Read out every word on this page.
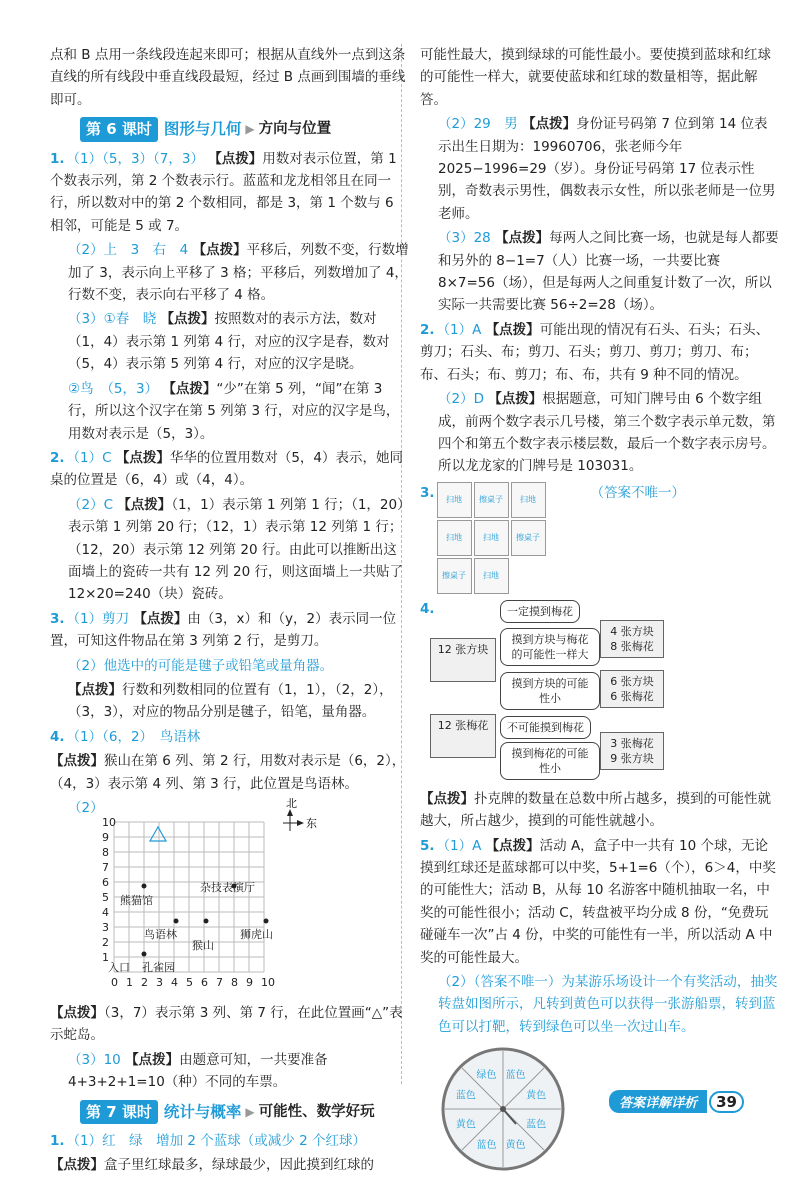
点和 B 点用一条线段连起来即可；根据从直线外一点到这条直线的所有线段中垂直线段最短，经过 B 点画到围墙的垂线即可。

第 6 课时 图形与几何 ▶ 方向与位置

1. （1）（5，3）（7，3） 【点拨】用数对表示位置，第 1 个数表示列，第 2 个数表示行。蓝蓝和龙龙相邻且在同一行，所以数对中的第 2 个数相同，都是 3，第 1 个数与 6 相邻，可能是 5 或 7。

（2）上　3　右　4 【点拨】平移后，列数不变，行数增加了 3，表示向上平移了 3 格；平移后，列数增加了 4，行数不变，表示向右平移了 4 格。

（3）①春　晓 【点拨】按照数对的表示方法，数对（1，4）表示第 1 列第 4 行，对应的汉字是春，数对（5，4）表示第 5 列第 4 行，对应的汉字是晓。

②鸟　（5，3） 【点拨】“少”在第 5 列，“闻”在第 3 行，所以这个汉字在第 5 列第 3 行，对应的汉字是鸟，用数对表示是（5，3）。

2. （1）C 【点拨】华华的位置用数对（5，4）表示，她同桌的位置是（6，4）或（4，4）。

（2）C 【点拨】（1，1）表示第 1 列第 1 行；（1，20）表示第 1 列第 20 行；（12，1）表示第 12 列第 1 行；（12，20）表示第 12 列第 20 行。由此可以推断出这面墙上的瓷砖一共有 12 列 20 行，则这面墙上一共贴了 12×20=240（块）瓷砖。

3. （1）剪刀 【点拨】由（3，x）和（y，2）表示同一位置，可知这件物品在第 3 列第 2 行，是剪刀。

（2）他选中的可能是毽子或铅笔或量角器。

【点拨】行数和列数相同的位置有（1，1），（2，2），（3，3），对应的物品分别是毽子，铅笔，量角器。

4. （1）（6，2）　鸟语林

【点拨】猴山在第 6 列、第 2 行，用数对表示是（6，2），（4，3）表示第 4 列、第 3 行，此位置是鸟语林。

（2）
0 1
1
2
2
3
3
4
4
5
5
6
6
7
7
8
8
9
9
10
10
熊猫馆
杂技表演厅
鸟语林	狮虎山
猴山
入口 孔雀园
北
东

【点拨】（3，7）表示第 3 列、第 7 行，在此位置画“△”表示蛇岛。

（3）10 【点拨】由题意可知，一共要准备 4+3+2+1=10（种）不同的车票。

第 7 课时 统计与概率 ▶ 可能性、数学好玩

1. （1）红　绿　增加 2 个蓝球（或减少 2 个红球）

【点拨】盒子里红球最多，绿球最少，因此摸到红球的

可能性最大，摸到绿球的可能性最小。要使摸到蓝球和红球的可能性一样大，就要使蓝球和红球的数量相等，据此解答。

（2）29　男 【点拨】身份证号码第 7 位到第 14 位表示出生日期为：19960706，张老师今年 2025−1996=29（岁）。身份证号码第 17 位表示性别，奇数表示男性，偶数表示女性，所以张老师是一位男老师。

（3）28 【点拨】每两人之间比赛一场，也就是每人都要和另外的 8−1=7（人）比赛一场，一共要比赛 8×7=56（场），但是每两人之间重复计数了一次，所以实际一共需要比赛 56÷2=28（场）。

2. （1）A 【点拨】可能出现的情况有石头、石头；石头、剪刀；石头、布；剪刀、石头；剪刀、剪刀；剪刀、布；布、石头；布、剪刀；布、布，共有 9 种不同的情况。

（2）D 【点拨】根据题意，可知门牌号由 6 个数字组成，前两个数字表示几号楼，第三个数字表示单元数，第四个和第五个数字表示楼层数，最后一个数字表示房号。所以龙龙家的门牌号是 103031。

3.	扫地	擦桌子	扫地
扫地	扫地	擦桌子
擦桌子	扫地
（答案不唯一）
4.
12 张方块
12 张梅花
一定摸到梅花
摸到方块与梅花的可能性一样大
摸到方块的可能性小
不可能摸到梅花
摸到梅花的可能性小
4 张方块
8 张梅花
6 张方块
6 张梅花
3 张梅花
9 张方块

【点拨】扑克牌的数量在总数中所占越多，摸到的可能性就越大，所占越少，摸到的可能性就越小。

5. （1）A 【点拨】活动 A，盒子中一共有 10 个球，无论摸到红球还是蓝球都可以中奖，5+1=6（个），6＞4，中奖的可能性大；活动 B，从每 10 名游客中随机抽取一名，中奖的可能性很小；活动 C，转盘被平均分成 8 份，“免费玩碰碰车一次”占 4 份，中奖的可能性有一半，所以活动 A 中奖的可能性最大。

（2）（答案不唯一）为某游乐场设计一个有奖活动，抽奖转盘如图所示，凡转到黄色可以获得一张游船票，转到蓝色可以打靶，转到绿色可以坐一次过山车。

蓝色
黄色
蓝色
黄色
蓝色
黄色
蓝色
绿色
答案详解详析	39
